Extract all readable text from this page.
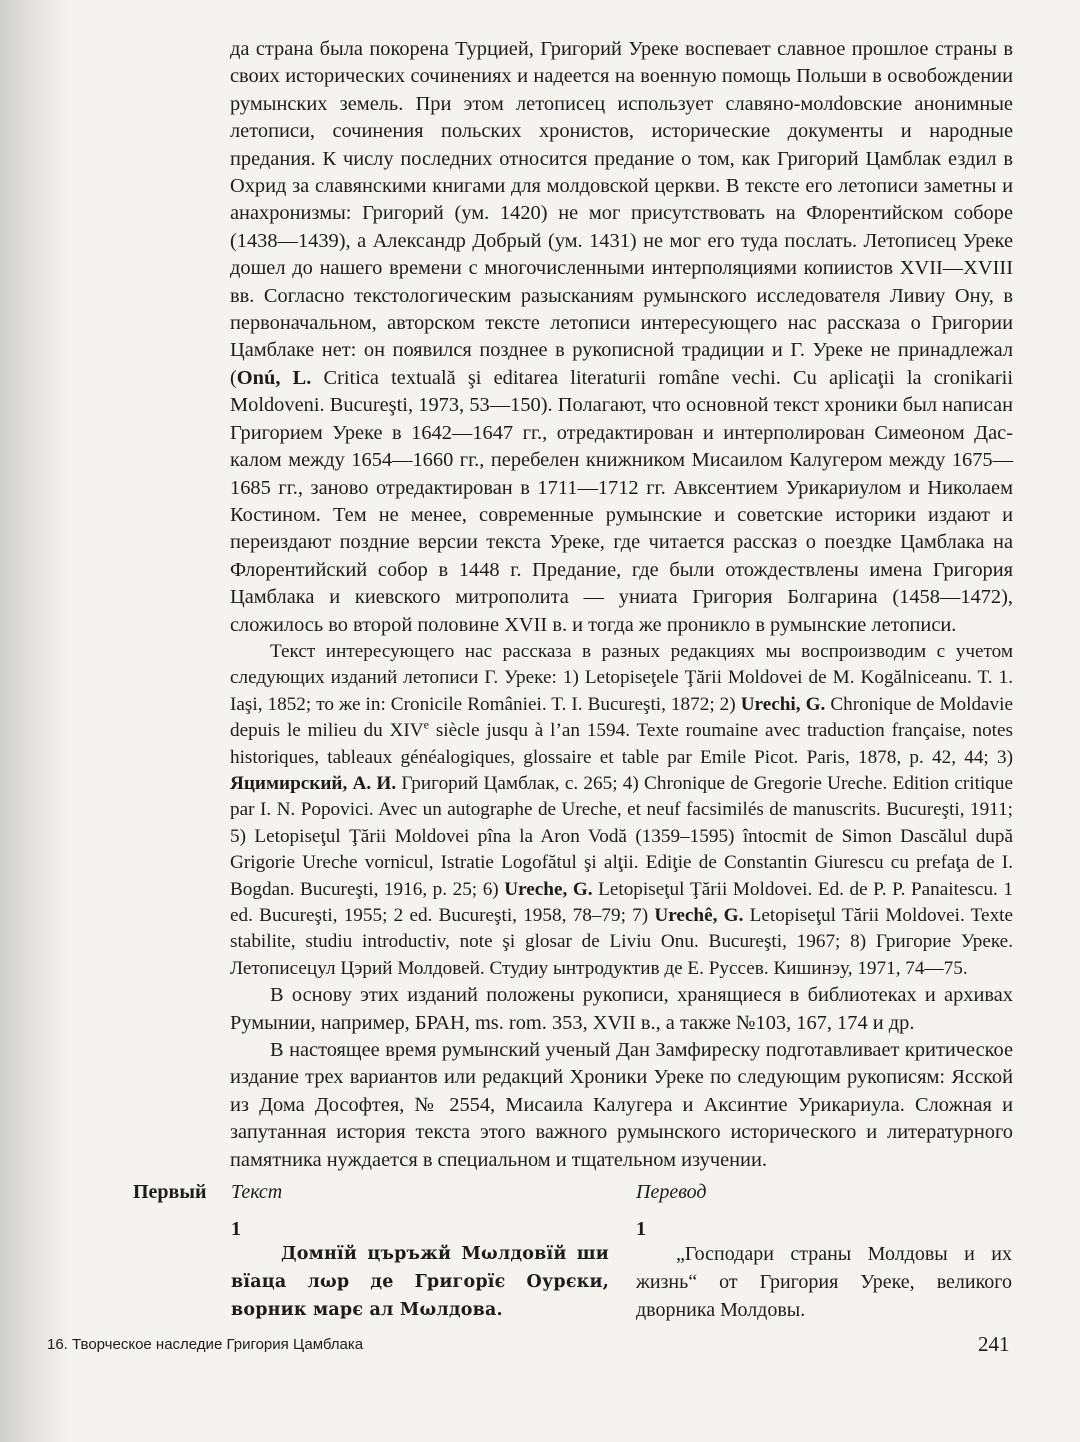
да страна была покорена Турцией, Григорий Уреке воспевает славное прошлое страны в своих исторических сочинениях и надеется на военную помощь Польши в освобождении румынских земель. При этом летописец использует славяно-молdовские анонимные летописи, сочинения польских хронистов, исторические документы и народные предания. К числу последних относится предание о том, как Григорий Цамблак ездил в Охрид за славянскими книгами для молдовской церкви. В тексте его летописи заметны и анахронизмы: Григорий (ум. 1420) не мог присутствовать на Флорентийском соборе (1438—1439), а Александр Добрый (ум. 1431) не мог его туда послать. Летописец Уреке дошел до нашего времени с многочисленными интерполяциями копиистов XVII—XVIII вв. Согласно текстологическим разысканиям румынского исследователя Ливиу Ону, в первоначальном, авторском тексте летописи интересующего нас рассказа о Григории Цамблаке нет: он появился позднее в рукописной традиции и Г. Уреке не принадлежал (Onú, L. Critica textuală şi editarea literaturii române vechi. Cu aplicaţii la cronikarii Moldoveni. Bucureşti, 1973, 53—150). Полагают, что основной текст хроники был написан Григорием Уреке в 1642—1647 гг., отредактирован и интерполирован Симеоном Даскалом между 1654—1660 гг., перебелен книжником Мисаилом Калугером между 1675—1685 гг., заново отредактирован в 1711—1712 гг. Авксентием Урикариулом и Николаем Костином. Тем не менее, современные румынские и советские историки издают и переиздают поздние версии текста Уреке, где читается рассказ о поездке Цамблака на Флорентийский собор в 1448 г. Предание, где были отождествлены имена Григория Цамблака и киевского митрополита — униата Григория Болгарина (1458—1472), сложилось во второй половине XVII в. и тогда же проникло в румынские летописи.

Текст интересующего нас рассказа в разных редакциях мы воспроизводим с учетом следующих изданий летописи Г. Уреке: 1) Letopiseţele Ţării Moldovei de M. Kogălniceanu. T. 1. Iaşi, 1852; то же in: Cronicile României. T. I. Bucureşti, 1872; 2) Urechi, G. Chronique de Moldavie depuis le milieu du XIVe siècle jusqu à l’an 1594. Texte roumaine avec traduction française, notes historiques, tableaux généalogiques, glossaire et table par Emile Picot. Paris, 1878, p. 42, 44; 3) Яцимирский, А. И. Григорий Цамблак, с. 265; 4) Chronique de Gregorie Ureche. Edition critique par I. N. Popovici. Avec un autographe de Ureche, et neuf facsimilés de manuscrits. Bucureşti, 1911; 5) Letopiseţul Ţării Moldovei pîna la Aron Vodă (1359–1595) întocmit de Simon Dascălul după Grigorie Ureche vornicul, Istratie Logofătul şi alţii. Ediţie de Constantin Giurescu cu prefaţa de I. Bogdan. Bucureşti, 1916, p. 25; 6) Ureche, G. Letopiseţul Ţării Moldovei. Ed. de P. P. Panaitescu. 1 ed. Bucureşti, 1955; 2 ed. Bucureşti, 1958, 78–79; 7) Urechê, G. Letopiseţul Tării Moldovei. Texte stabilite, studiu introductiv, note şi glosar de Liviu Onu. Bucureşti, 1967; 8) Григорие Уреке. Летописецул Цэрий Молдовей. Студиу ынтродуктив де Е. Руссев. Кишинэу, 1971, 74—75.

В основу этих изданий положены рукописи, хранящиеся в библиотеках и архивах Румынии, например, БРАН, ms. rom. 353, XVII в., а также №103, 167, 174 и др.

В настоящее время румынский ученый Дан Замфиреску подготавливает критическое издание трех вариантов или редакций Хроники Уреке по следующим рукописям: Ясской из Дома Дософтея, № 2554, Мисаила Калугера и Аксинтие Урикариула. Сложная и запутанная история текста этого важного румынского исторического и литературного памятника нуждается в специальном и тщательном изучении.

Первый Текст	Перевод
1	1
Домнїй църъжй Мωлдовїй ши вїаца лωр де Григорїє Оурєки, ворник марє ал Мωлдова.
„Господари страны Молдовы и их жизнь“ от Григория Уреке, великого дворника Молдовы.
16. Творческое наследие Григория Цамблака	241
